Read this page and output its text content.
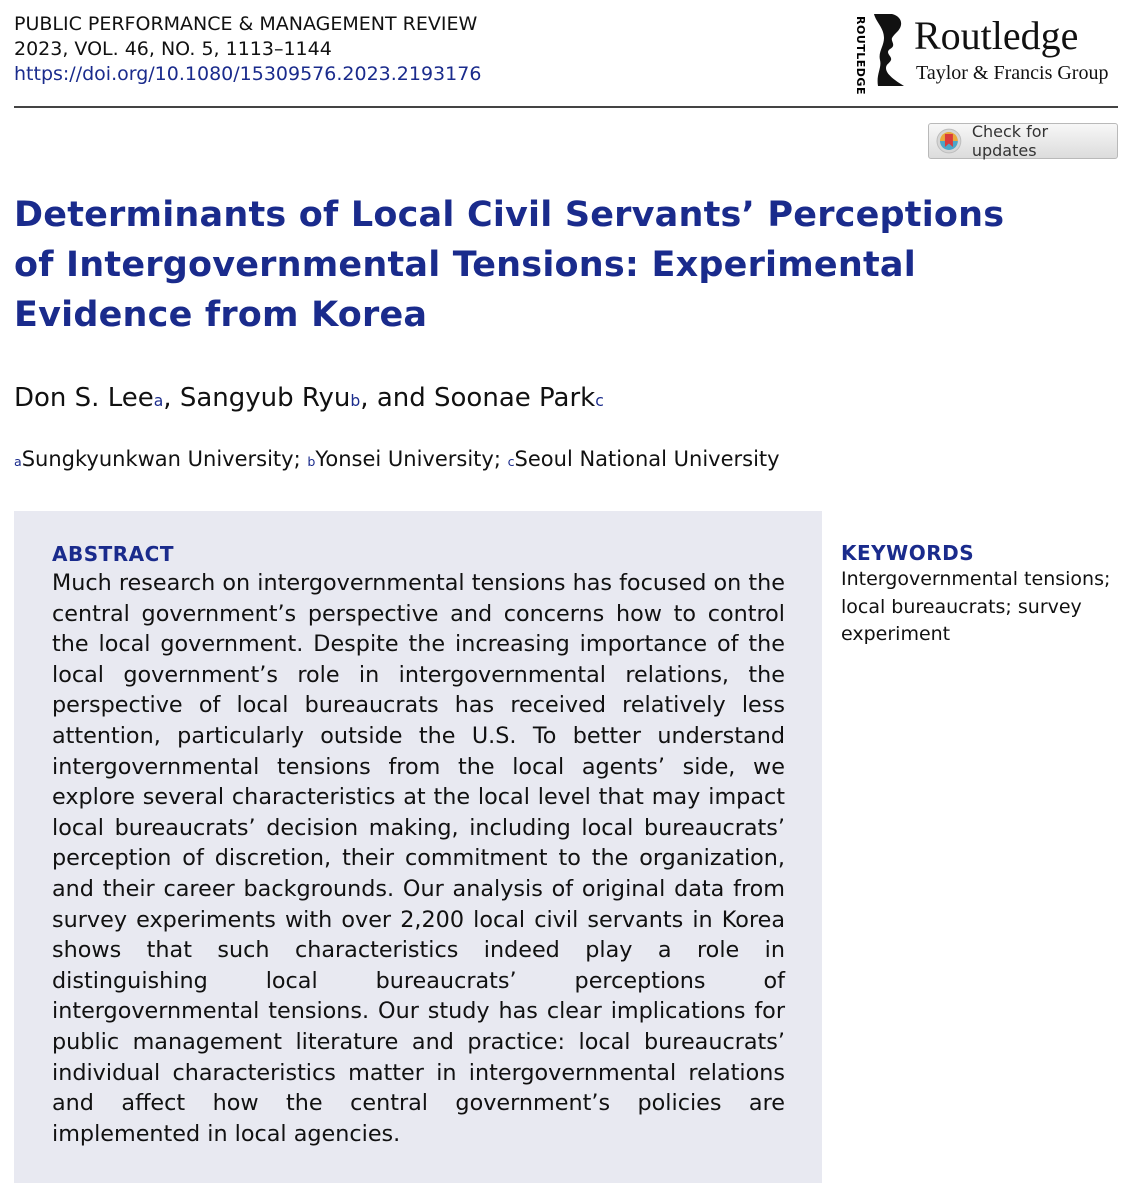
PUBLIC PERFORMANCE & MANAGEMENT REVIEW
2023, VOL. 46, NO. 5, 1113–1144
https://doi.org/10.1080/15309576.2023.2193176	ROUTLEDGE Routledge
Taylor & Francis Group
Check for updates
Determinants of Local Civil Servants’ Perceptions of Intergovernmental Tensions: Experimental Evidence from Korea
Don S. Lee$^a$, Sangyub Ryu$^b$, and Soonae Park$^c$
$^a$Sungkyunkwan University; $^b$Yonsei University; $^c$Seoul National University
ABSTRACT

Much research on intergovernmental tensions has focused on the central government’s perspective and concerns how to control the local government. Despite the increasing importance of the local government’s role in intergovernmental relations, the perspective of local bureaucrats has received relatively less attention, particularly outside the U.S. To better understand intergovernmental tensions from the local agents’ side, we explore several characteristics at the local level that may impact local bureaucrats’ decision making, including local bureaucrats’ perception of discretion, their commitment to the organization, and their career backgrounds. Our analysis of original data from survey experiments with over 2,200 local civil servants in Korea shows that such characteristics indeed play a role in distinguishing local bureaucrats’ perceptions of intergovernmental tensions. Our study has clear implications for public management literature and practice: local bureaucrats’ individual characteristics matter in intergovernmental relations and affect how the central government’s policies are implemented in local agencies.

KEYWORDS

Intergovernmental tensions; local bureaucrats; survey experiment
